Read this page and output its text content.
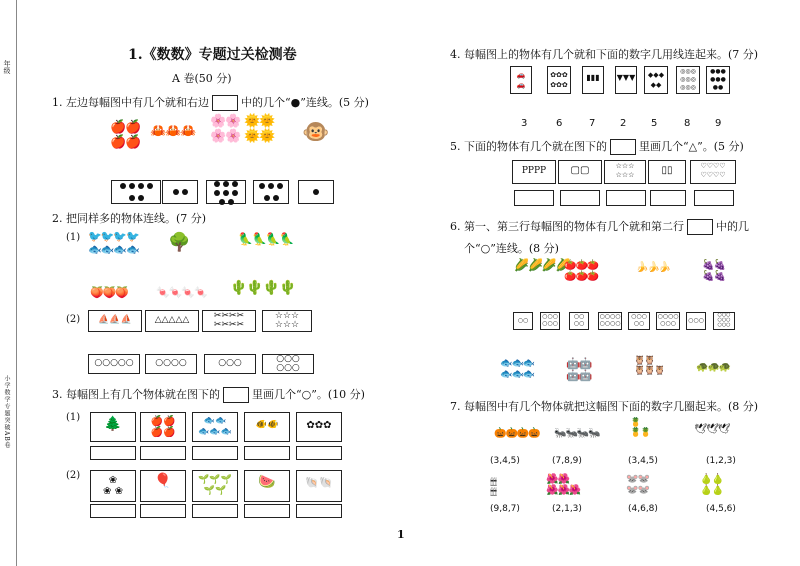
年级
小学数学专题突破AB卷
1.《数数》专题过关检测卷
A 卷(50 分)
1. 左边每幅图中有几个就和右边	中的几个“●”连线。(5 分)
🍎🍎
🍎🍎
🦀🦀🦀
🌸🌸
🌸🌸
🌞🌞
🌞🌞 🐵
2. 把同样多的物体连线。(7 分)
(1) 🐦🐦🐦🐦
🐟🐟🐟🐟 🌳	🦜🦜🦜🦜
🍑🍑🍑	🍬🍬🍬🍬 🌵🌵🌵🌵
(2)	⛵⛵⛵	△△△△△	✂✂✂✂
✂✂✂✂
☆☆☆
☆☆☆
○○○○○	○○○○	○○○	○○○
○○○
3. 每幅图上有几个物体就在图下的	里画几个“○”。(10 分)
(1)	🌲	🍎🍎
🍎🍎
🐟🐟
🐟🐟🐟
🐠🐠	✿✿✿
(2)	❀
❀ ❀
🎈	🌱🌱🌱
🌱🌱
🍉	🐚🐚
4. 每幅图上的物体有几个就和下面的数字几用线连起来。(7 分)
🚗
🚗
✿✿✿
✿✿✿
▮▮▮	▼▼▼	◆◆◆
◆◆
◎◎◎
◎◎◎
◎◎◎
●●●
●●●
●●
3	6	7 2 5	8 9
5. 下面的物体有几个就在图下的	里画几个“△”。(5 分)
PPPP	▢▢	☆☆☆
☆☆☆	▯▯	♡♡♡♡
♡♡♡♡
6. 第一、第三行每幅图的物体有几个就和第二行	中的几
个“○”连线。(8 分)
🌽🌽🌽🌽
🍅🍅🍅
🍅🍅🍅
🍌🍌🍌	🍇🍇
🍇🍇
○○
○○○
○○○
○○
○○
○○○○
○○○○
○○○
○○
○○○○
○○○	○○○
○○○
○○○
○○○
🐟🐟🐟
🐟🐟🐟
🤖🤖
🤖🤖
🦉🦉
🦉🦉🦉	🐢🐢🐢
7. 每幅图中有几个物体就把这幅图下面的数字几圈起来。(8 分)
🎃🎃🎃🎃 🐜🐜🐜🐜
🍍
🍍🍍	🕊🕊🕊
(3,4,5)	(7,8,9)	(3,4,5)	(1,2,3)
🕯🕯🕯🕯
🕯🕯🕯🕯
🌺🌺
🌺🌺🌺
🐭🐭
🐭🐭
🍐🍐
🍐🍐
(9,8,7)	(2,1,3)	(4,6,8)	(4,5,6)
1
